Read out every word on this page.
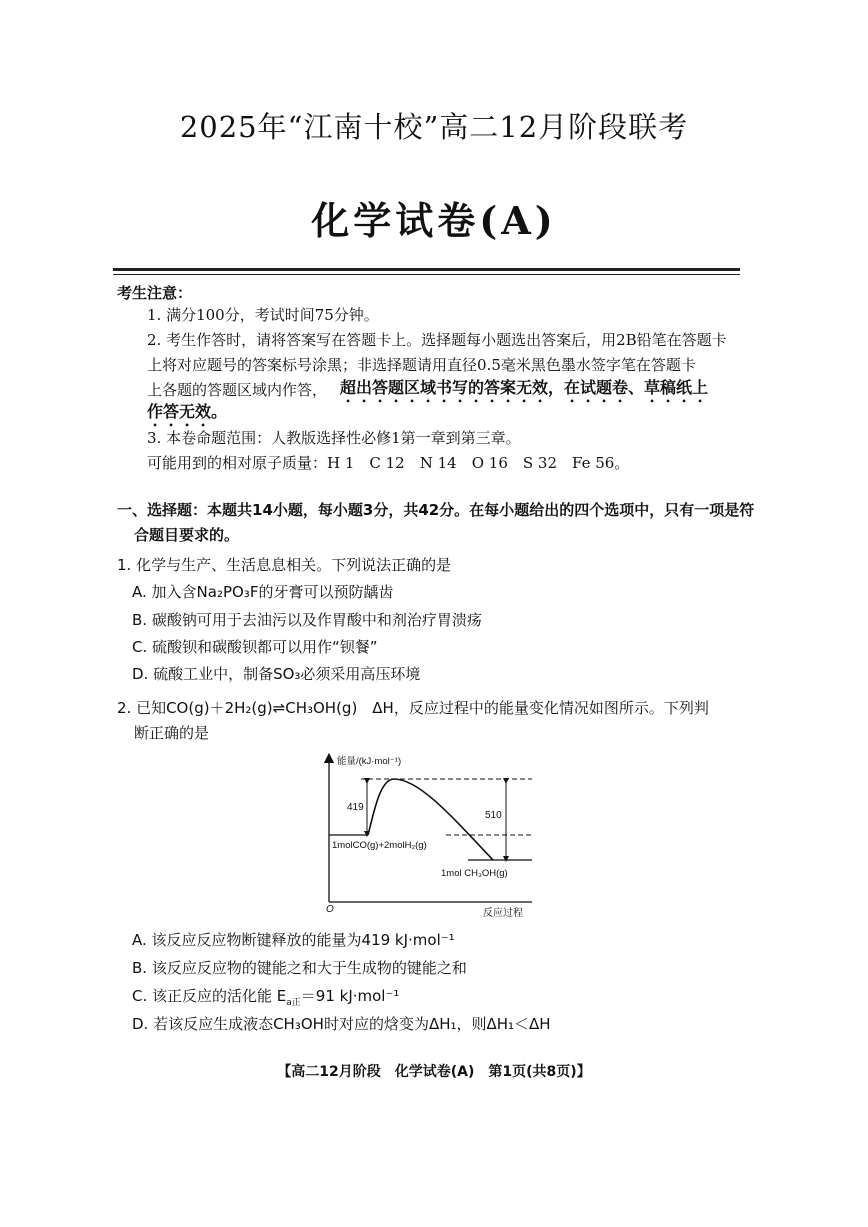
2025年“江南十校”高二12月阶段联考
化学试卷(A)
考生注意：
1. 满分100分，考试时间75分钟。
2. 考生作答时，请将答案写在答题卡上。选择题每小题选出答案后，用2B铅笔在答题卡
上将对应题号的答案标号涂黑；非选择题请用直径0.5毫米黑色墨水签字笔在答题卡
上各题的答题区域内作答， 超出答题区域书写的答案无效，在试题卷、草稿纸上
作答无效。
3. 本卷命题范围：人教版选择性必修1第一章到第三章。
可能用到的相对原子质量：H 1　C 12　N 14　O 16　S 32　Fe 56。
一、选择题：本题共14小题，每小题3分，共42分。在每小题给出的四个选项中，只有一项是符
合题目要求的。
1. 化学与生产、生活息息相关。下列说法正确的是
A. 加入含Na₂PO₃F的牙膏可以预防龋齿
B. 碳酸钠可用于去油污以及作胃酸中和剂治疗胃溃疡
C. 硫酸钡和碳酸钡都可以用作“钡餐”
D. 硫酸工业中，制备SO₃必须采用高压环境
2. 已知CO(g)＋2H₂(g)⇌CH₃OH(g)　ΔH，反应过程中的能量变化情况如图所示。下列判
断正确的是
能量/(kJ·mol⁻¹)
反应过程
O
419
510
1molCO(g)+2molH₂(g)
1mol CH₃OH(g)
A. 该反应反应物断键释放的能量为419 kJ·mol⁻¹
B. 该反应反应物的键能之和大于生成物的键能之和
C. 该正反应的活化能 $E_{a正}=91$ kJ·mol⁻¹
D. 若该反应生成液态CH₃OH时对应的焓变为ΔH₁，则ΔH₁＜ΔH
【高二12月阶段　化学试卷(A)　第1页(共8页)】
